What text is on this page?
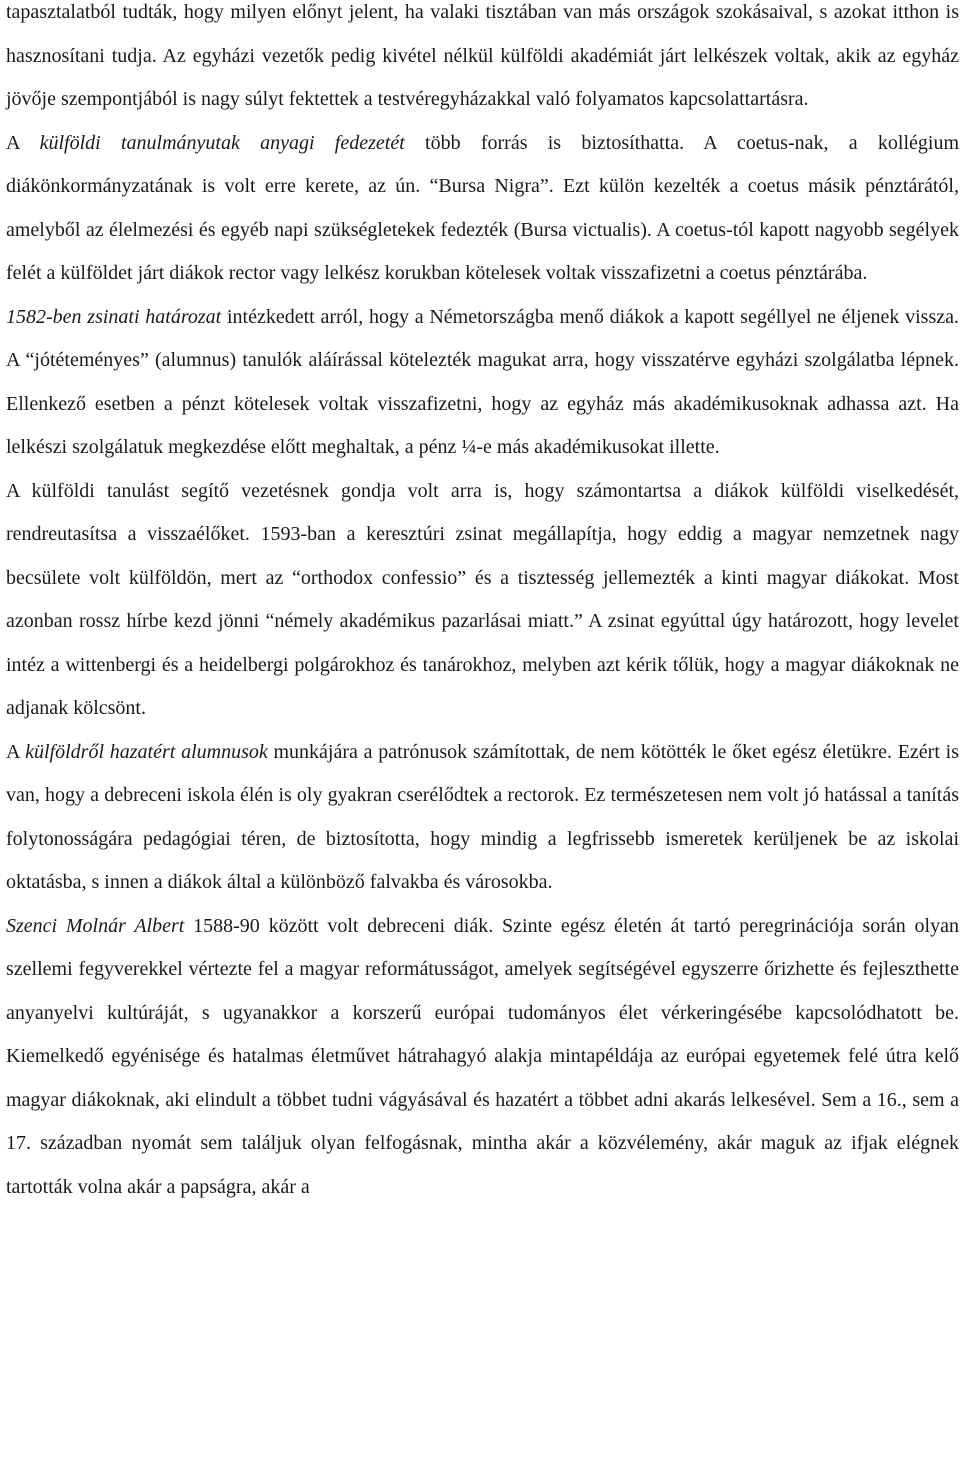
tapasztalatból tudták, hogy milyen előnyt jelent, ha valaki tisztában van más országok szokásaival, s azokat itthon is hasznosítani tudja. Az egyházi vezetők pedig kivétel nélkül külföldi akadémiát járt lelkészek voltak, akik az egyház jövője szempontjából is nagy súlyt fektettek a testvéregyházakkal való folyamatos kapcsolattartásra.

A külföldi tanulmányutak anyagi fedezetét több forrás is biztosíthatta. A coetus-nak, a kollégium diákönkormányzatának is volt erre kerete, az ún. “Bursa Nigra”. Ezt külön kezelték a coetus másik pénztárától, amelyből az élelmezési és egyéb napi szükségletekek fedezték (Bursa victualis). A coetus-tól kapott nagyobb segélyek felét a külföldet járt diákok rector vagy lelkész korukban kötelesek voltak visszafizetni a coetus pénztárába.

1582-ben zsinati határozat intézkedett arról, hogy a Németországba menő diákok a kapott segéllyel ne éljenek vissza. A “jótéteményes” (alumnus) tanulók aláírással kötelezték magukat arra, hogy visszatérve egyházi szolgálatba lépnek. Ellenkező esetben a pénzt kötelesek voltak visszafizetni, hogy az egyház más akadémikusoknak adhassa azt. Ha lelkészi szolgálatuk megkezdése előtt meghaltak, a pénz ¼-e más akadémikusokat illette.

A külföldi tanulást segítő vezetésnek gondja volt arra is, hogy számontartsa a diákok külföldi viselkedését, rendreutasítsa a visszaélőket. 1593-ban a keresztúri zsinat megállapítja, hogy eddig a magyar nemzetnek nagy becsülete volt külföldön, mert az “orthodox confessio” és a tisztesség jellemezték a kinti magyar diákokat. Most azonban rossz hírbe kezd jönni “némely akadémikus pazarlásai miatt.” A zsinat egyúttal úgy határozott, hogy levelet intéz a wittenbergi és a heidelbergi polgárokhoz és tanárokhoz, melyben azt kérik tőlük, hogy a magyar diákoknak ne adjanak kölcsönt.

A külföldről hazatért alumnusok munkájára a patrónusok számítottak, de nem kötötték le őket egész életükre. Ezért is van, hogy a debreceni iskola élén is oly gyakran cserélődtek a rectorok. Ez természetesen nem volt jó hatással a tanítás folytonosságára pedagógiai téren, de biztosította, hogy mindig a legfrissebb ismeretek kerüljenek be az iskolai oktatásba, s innen a diákok által a különböző falvakba és városokba.

Szenci Molnár Albert 1588-90 között volt debreceni diák. Szinte egész életén át tartó peregrinációja során olyan szellemi fegyverekkel vértezte fel a magyar reformátusságot, amelyek segítségével egyszerre őrizhette és fejleszthette anyanyelvi kultúráját, s ugyanakkor a korszerű európai tudományos élet vérkeringésébe kapcsolódhatott be. Kiemelkedő egyénisége és hatalmas életművet hátrahagyó alakja mintapéldája az európai egyetemek felé útra kelő magyar diákoknak, aki elindult a többet tudni vágyásával és hazatért a többet adni akarás lelkesével. Sem a 16., sem a 17. században nyomát sem találjuk olyan felfogásnak, mintha akár a közvélemény, akár maguk az ifjak elégnek tartották volna akár a papságra, akár a
